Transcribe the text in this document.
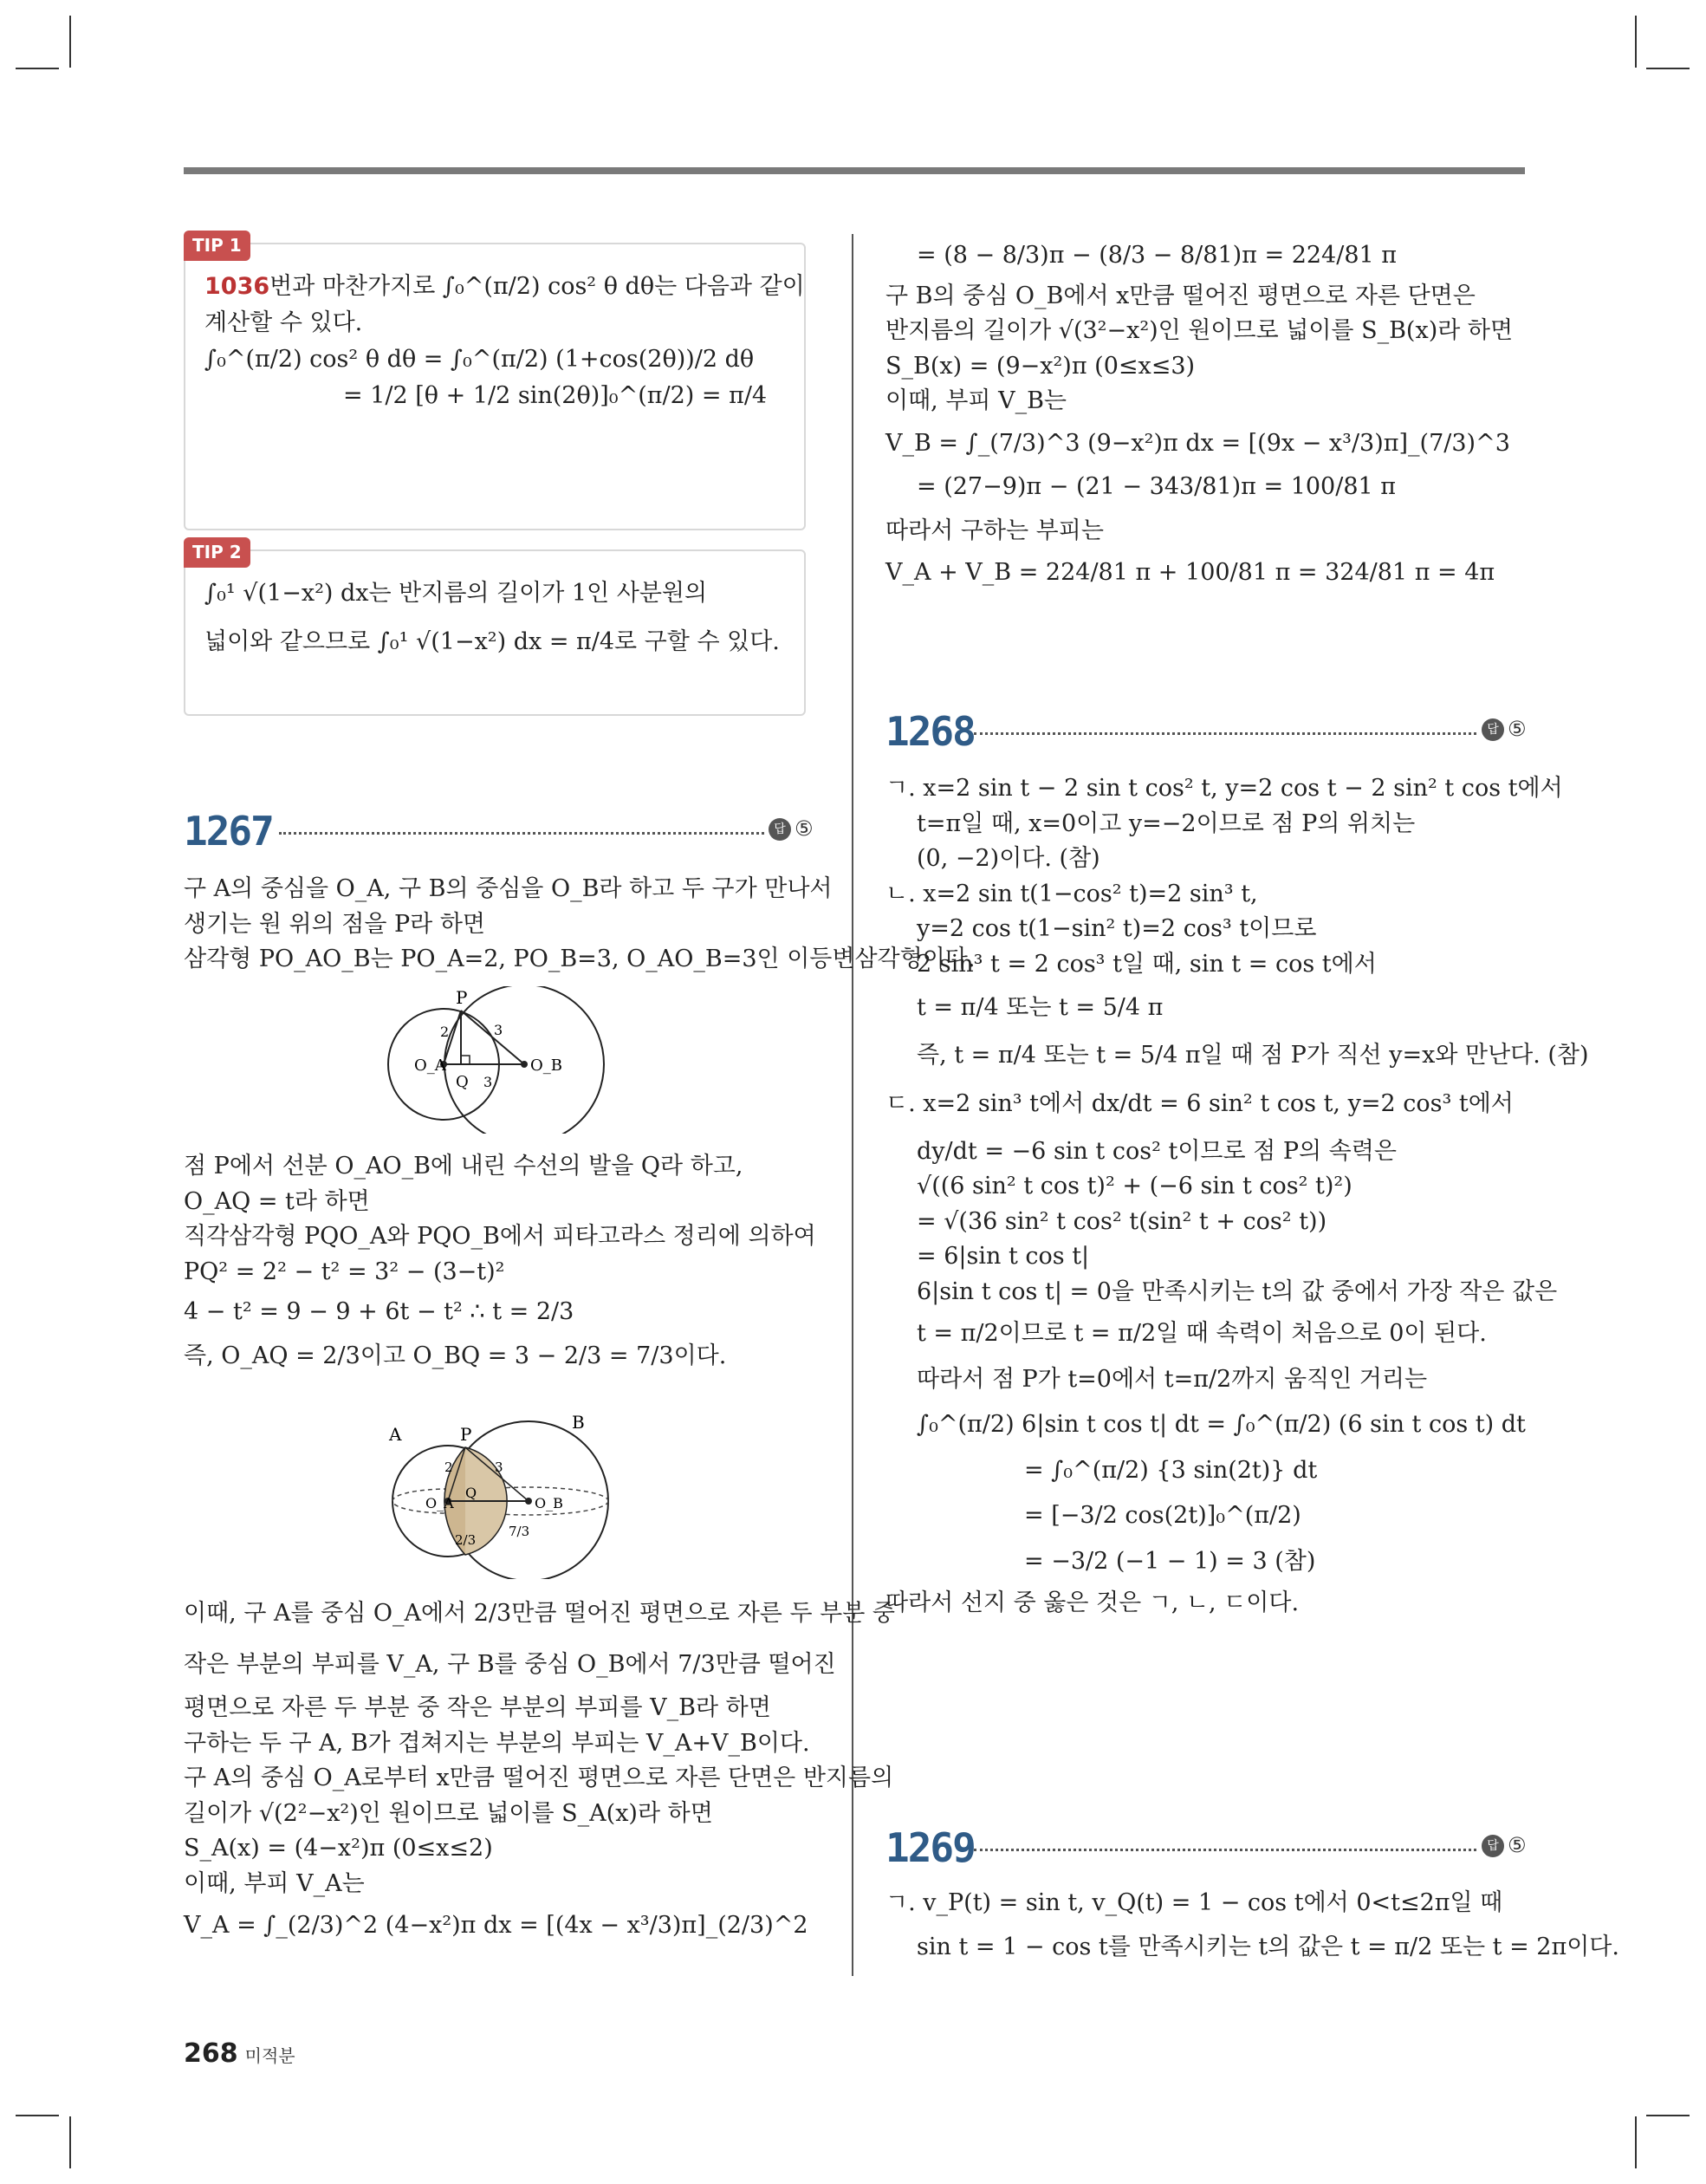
TIP 1

1036번과 마찬가지로 ∫₀^(π/2) cos² θ dθ는 다음과 같이

계산할 수 있다.

∫₀^(π/2) cos² θ dθ = ∫₀^(π/2) (1+cos(2θ))/2 dθ

= 1/2 [θ + 1/2 sin(2θ)]₀^(π/2) = π/4

TIP 2

∫₀¹ √(1−x²) dx는 반지름의 길이가 1인 사분원의

넓이와 같으므로 ∫₀¹ √(1−x²) dx = π/4로 구할 수 있다.

1267	답 ⑤

구 A의 중심을 O_A, 구 B의 중심을 O_B라 하고 두 구가 만나서

생기는 원 위의 점을 P라 하면

삼각형 PO_AO_B는 PO_A=2, PO_B=3, O_AO_B=3인 이등변삼각형이다.

P
O_A	O_B
Q
2	3
3

점 P에서 선분 O_AO_B에 내린 수선의 발을 Q라 하고,

O_AQ = t라 하면

직각삼각형 PQO_A와 PQO_B에서 피타고라스 정리에 의하여

PQ² = 2² − t² = 3² − (3−t)²

4 − t² = 9 − 9 + 6t − t² ∴ t = 2/3

즉, O_AQ = 2/3이고 O_BQ = 3 − 2/3 = 7/3이다.

A
B
P
O_A	O_B
Q
2	3
2/3
7/3

이때, 구 A를 중심 O_A에서 2/3만큼 떨어진 평면으로 자른 두 부분 중

작은 부분의 부피를 V_A, 구 B를 중심 O_B에서 7/3만큼 떨어진

평면으로 자른 두 부분 중 작은 부분의 부피를 V_B라 하면

구하는 두 구 A, B가 겹쳐지는 부분의 부피는 V_A+V_B이다.

구 A의 중심 O_A로부터 x만큼 떨어진 평면으로 자른 단면은 반지름의

길이가 √(2²−x²)인 원이므로 넓이를 S_A(x)라 하면

S_A(x) = (4−x²)π (0≤x≤2)

이때, 부피 V_A는

V_A = ∫_(2/3)^2 (4−x²)π dx = [(4x − x³/3)π]_(2/3)^2

= (8 − 8/3)π − (8/3 − 8/81)π = 224/81 π

구 B의 중심 O_B에서 x만큼 떨어진 평면으로 자른 단면은

반지름의 길이가 √(3²−x²)인 원이므로 넓이를 S_B(x)라 하면

S_B(x) = (9−x²)π (0≤x≤3)

이때, 부피 V_B는

V_B = ∫_(7/3)^3 (9−x²)π dx = [(9x − x³/3)π]_(7/3)^3

= (27−9)π − (21 − 343/81)π = 100/81 π

따라서 구하는 부피는

V_A + V_B = 224/81 π + 100/81 π = 324/81 π = 4π

1268	답 ⑤

ㄱ. x=2 sin t − 2 sin t cos² t, y=2 cos t − 2 sin² t cos t에서

t=π일 때, x=0이고 y=−2이므로 점 P의 위치는

(0, −2)이다. (참)

ㄴ. x=2 sin t(1−cos² t)=2 sin³ t,

y=2 cos t(1−sin² t)=2 cos³ t이므로

2 sin³ t = 2 cos³ t일 때, sin t = cos t에서

t = π/4 또는 t = 5/4 π

즉, t = π/4 또는 t = 5/4 π일 때 점 P가 직선 y=x와 만난다. (참)

ㄷ. x=2 sin³ t에서 dx/dt = 6 sin² t cos t, y=2 cos³ t에서

dy/dt = −6 sin t cos² t이므로 점 P의 속력은

√((6 sin² t cos t)² + (−6 sin t cos² t)²)

= √(36 sin² t cos² t(sin² t + cos² t))

= 6|sin t cos t|

6|sin t cos t| = 0을 만족시키는 t의 값 중에서 가장 작은 값은

t = π/2이므로 t = π/2일 때 속력이 처음으로 0이 된다.

따라서 점 P가 t=0에서 t=π/2까지 움직인 거리는

∫₀^(π/2) 6|sin t cos t| dt = ∫₀^(π/2) (6 sin t cos t) dt

= ∫₀^(π/2) {3 sin(2t)} dt

= [−3/2 cos(2t)]₀^(π/2)

= −3/2 (−1 − 1) = 3 (참)

따라서 선지 중 옳은 것은 ㄱ, ㄴ, ㄷ이다.

1269	답 ⑤

ㄱ. v_P(t) = sin t, v_Q(t) = 1 − cos t에서 0<t≤2π일 때

sin t = 1 − cos t를 만족시키는 t의 값은 t = π/2 또는 t = 2π이다.

268 미적분
